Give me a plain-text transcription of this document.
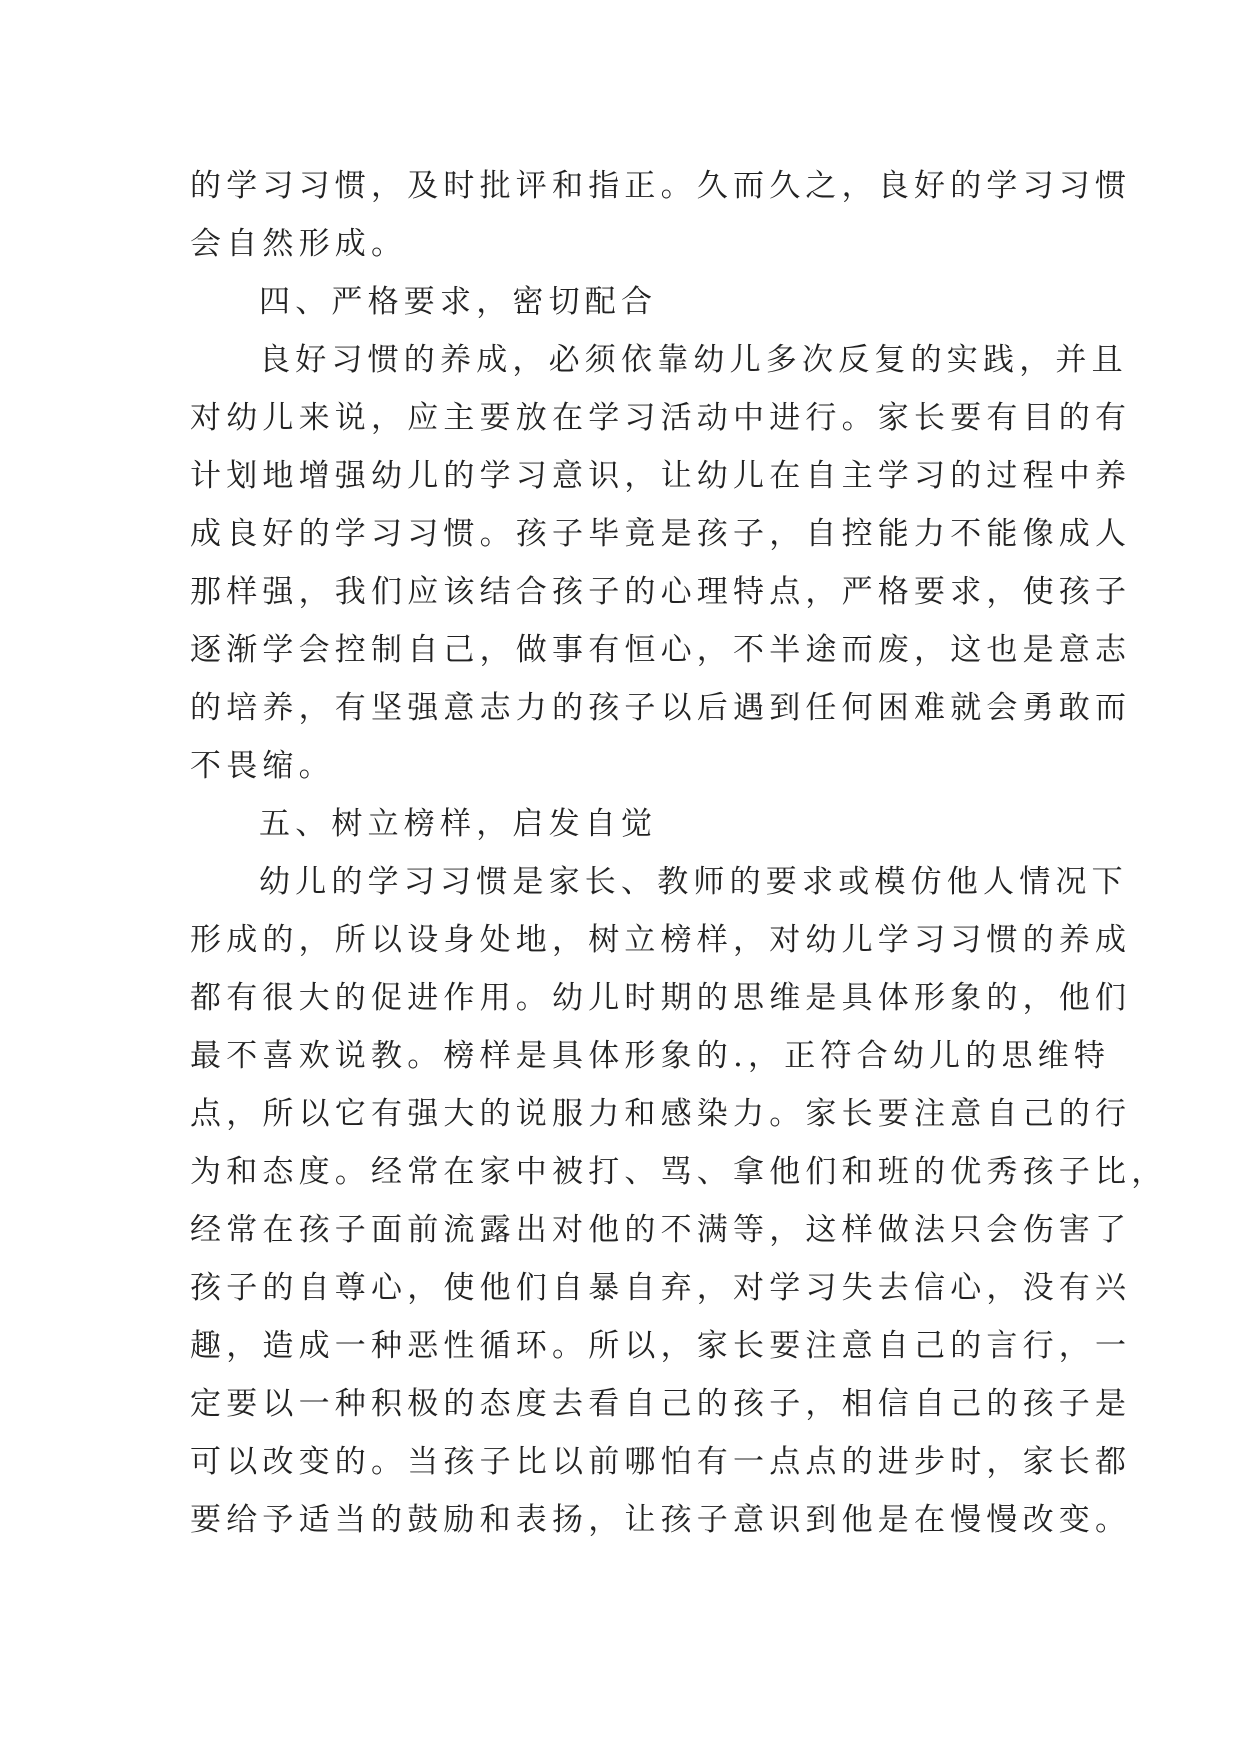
的学习习惯，及时批评和指正。久而久之，良好的学习习惯
会自然形成。
四、严格要求，密切配合
良好习惯的养成，必须依靠幼儿多次反复的实践，并且
对幼儿来说，应主要放在学习活动中进行。家长要有目的有
计划地增强幼儿的学习意识，让幼儿在自主学习的过程中养
成良好的学习习惯。孩子毕竟是孩子，自控能力不能像成人
那样强，我们应该结合孩子的心理特点，严格要求，使孩子
逐渐学会控制自己，做事有恒心，不半途而废，这也是意志
的培养，有坚强意志力的孩子以后遇到任何困难就会勇敢而
不畏缩。
五、树立榜样，启发自觉
幼儿的学习习惯是家长、教师的要求或模仿他人情况下
形成的，所以设身处地，树立榜样，对幼儿学习习惯的养成
都有很大的促进作用。幼儿时期的思维是具体形象的，他们
最不喜欢说教。榜样是具体形象的.，正符合幼儿的思维特
点，所以它有强大的说服力和感染力。家长要注意自己的行
为和态度。经常在家中被打、骂、拿他们和班的优秀孩子比，
经常在孩子面前流露出对他的不满等，这样做法只会伤害了
孩子的自尊心，使他们自暴自弃，对学习失去信心，没有兴
趣，造成一种恶性循环。所以，家长要注意自己的言行，一
定要以一种积极的态度去看自己的孩子，相信自己的孩子是
可以改变的。当孩子比以前哪怕有一点点的进步时，家长都
要给予适当的鼓励和表扬，让孩子意识到他是在慢慢改变。
